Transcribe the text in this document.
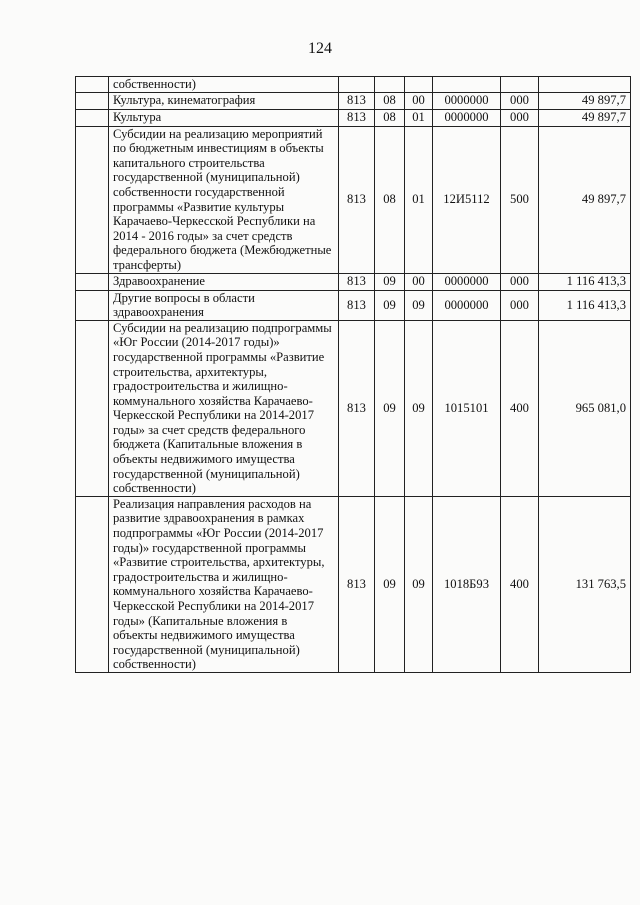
124
	собственности)						
	Культура, кинематография	813	08	00	0000000	000	49 897,7
	Культура	813	08	01	0000000	000	49 897,7
	Субсидии на реализацию мероприятий по бюджетным инвестициям в объекты капитального строительства государственной (муниципальной) собственности государственной программы «Развитие культуры Карачаево-Черкесской Республики на 2014 - 2016 годы» за счет средств федерального бюджета (Межбюджетные трансферты)	813	08	01	12И5112	500	49 897,7
	Здравоохранение	813	09	00	0000000	000	1 116 413,3
	Другие вопросы в области здравоохранения	813	09	09	0000000	000	1 116 413,3
	Субсидии на реализацию подпрограммы «Юг России (2014-2017 годы)» государственной программы «Развитие строительства, архитектуры, градостроительства и жилищно-коммунального хозяйства Карачаево-Черкесской Республики на 2014-2017 годы» за счет средств федерального бюджета (Капитальные вложения в объекты недвижимого имущества государственной (муниципальной) собственности)	813	09	09	1015101	400	965 081,0
	Реализация направления расходов на развитие здравоохранения в рамках подпрограммы «Юг России (2014-2017 годы)» государственной программы «Развитие строительства, архитектуры, градостроительства и жилищно-коммунального хозяйства Карачаево-Черкесской Республики на 2014-2017 годы» (Капитальные вложения в объекты недвижимого имущества государственной (муниципальной) собственности)	813	09	09	1018Б93	400	131 763,5
